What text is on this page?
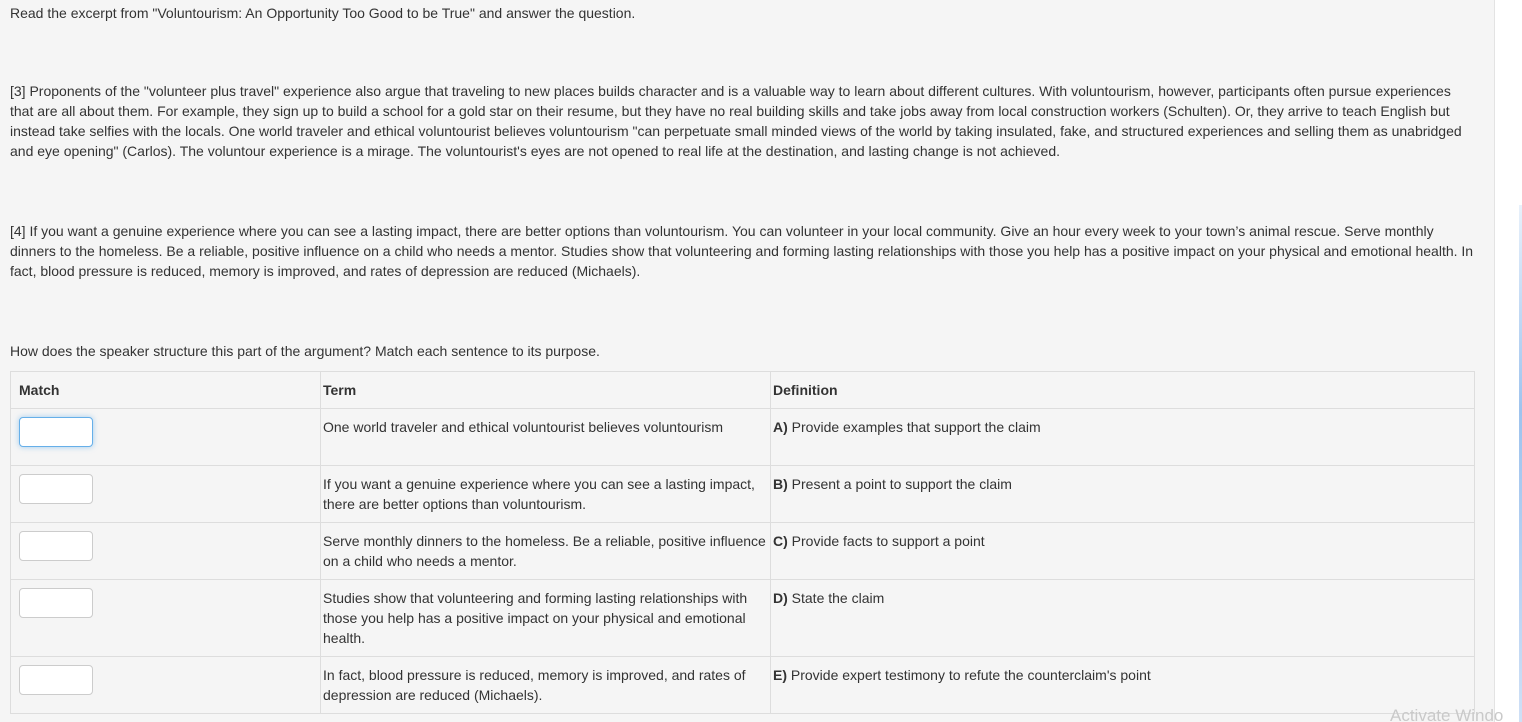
Read the excerpt from "Voluntourism: An Opportunity Too Good to be True" and answer the question.

[3] Proponents of the "volunteer plus travel" experience also argue that traveling to new places builds character and is a valuable way to learn about different cultures. With voluntourism, however, participants often pursue experiences that are all about them. For example, they sign up to build a school for a gold star on their resume, but they have no real building skills and take jobs away from local construction workers (Schulten). Or, they arrive to teach English but instead take selfies with the locals. One world traveler and ethical voluntourist believes voluntourism "can perpetuate small minded views of the world by taking insulated, fake, and structured experiences and selling them as unabridged and eye opening" (Carlos). The voluntour experience is a mirage. The voluntourist's eyes are not opened to real life at the destination, and lasting change is not achieved.

[4] If you want a genuine experience where you can see a lasting impact, there are better options than voluntourism. You can volunteer in your local community. Give an hour every week to your town’s animal rescue. Serve monthly dinners to the homeless. Be a reliable, positive influence on a child who needs a mentor. Studies show that volunteering and forming lasting relationships with those you help has a positive impact on your physical and emotional health. In fact, blood pressure is reduced, memory is improved, and rates of depression are reduced (Michaels).

How does the speaker structure this part of the argument? Match each sentence to its purpose.
Match	Term	Definition

	One world traveler and ethical voluntourist believes voluntourism	A) Provide examples that support the claim

	If you want a genuine experience where you can see a lasting impact, there are better options than voluntourism.	B) Present a point to support the claim

	Serve monthly dinners to the homeless. Be a reliable, positive influence on a child who needs a mentor.	C) Provide facts to support a point

	Studies show that volunteering and forming lasting relationships with those you help has a positive impact on your physical and emotional health.	D) State the claim

	In fact, blood pressure is reduced, memory is improved, and rates of depression are reduced (Michaels).	E) Provide expert testimony to refute the counterclaim's point
Activate Windo
